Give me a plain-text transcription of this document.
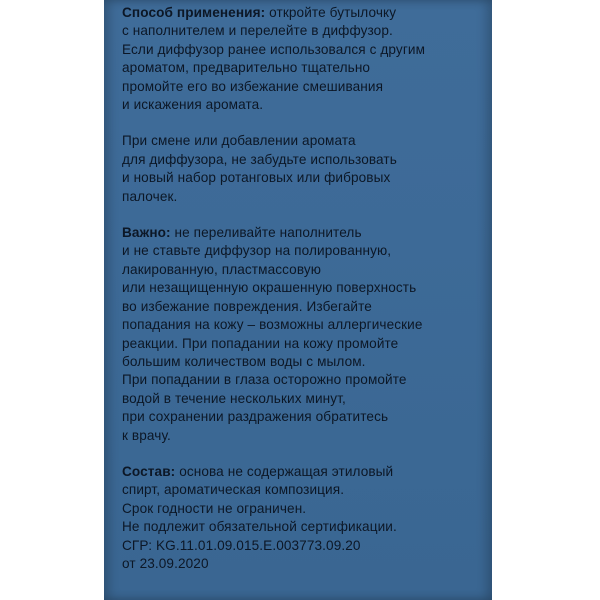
Способ применения: откройте бутылочку
с наполнителем и перелейте в диффузор.
Если диффузор ранее использовался с другим
ароматом, предварительно тщательно
промойте его во избежание смешивания
и искажения аромата.
При смене или добавлении аромата
для диффузора, не забудьте использовать
и новый набор ротанговых или фибровых
палочек.
Важно: не переливайте наполнитель
и не ставьте диффузор на полированную,
лакированную, пластмассовую
или незащищенную окрашенную поверхность
во избежание повреждения. Избегайте
попадания на кожу – возможны аллергические
реакции. При попадании на кожу промойте
большим количеством воды с мылом.
При попадании в глаза осторожно промойте
водой в течение нескольких минут,
при сохранении раздражения обратитесь
к врачу.
Состав: основа не содержащая этиловый
спирт, ароматическая композиция.
Срок годности не ограничен.
Не подлежит обязательной сертификации.
СГР: KG.11.01.09.015.Е.003773.09.20
от 23.09.2020
